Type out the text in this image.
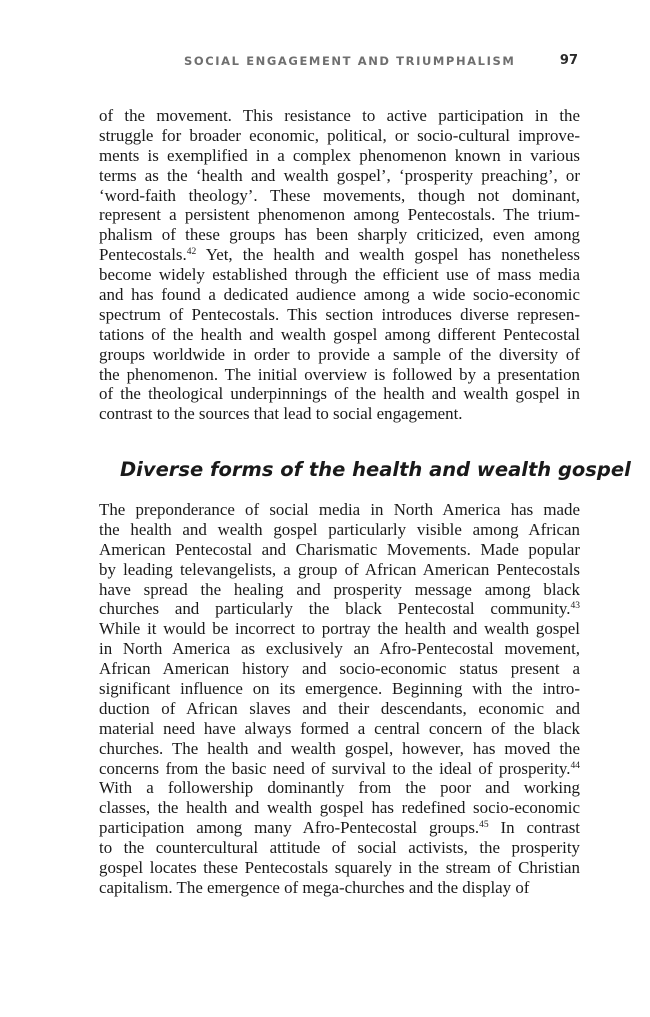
SOCIAL ENGAGEMENT AND TRIUMPHALISM	97
of the movement. This resistance to active participation in the
struggle for broader economic, political, or socio-cultural improve-
ments is exemplified in a complex phenomenon known in various
terms as the ‘health and wealth gospel’, ‘prosperity preaching’, or
‘word-faith theology’. These movements, though not dominant,
represent a persistent phenomenon among Pentecostals. The trium-
phalism of these groups has been sharply criticized, even among
Pentecostals.$^{42}$ Yet, the health and wealth gospel has nonetheless
become widely established through the efficient use of mass media
and has found a dedicated audience among a wide socio-economic
spectrum of Pentecostals. This section introduces diverse represen-
tations of the health and wealth gospel among different Pentecostal
groups worldwide in order to provide a sample of the diversity of
the phenomenon. The initial overview is followed by a presentation
of the theological underpinnings of the health and wealth gospel in
contrast to the sources that lead to social engagement.
Diverse forms of the health and wealth gospel
The preponderance of social media in North America has made
the health and wealth gospel particularly visible among African
American Pentecostal and Charismatic Movements. Made popular
by leading televangelists, a group of African American Pentecostals
have spread the healing and prosperity message among black
churches and particularly the black Pentecostal community.$^{43}$
While it would be incorrect to portray the health and wealth gospel
in North America as exclusively an Afro-Pentecostal movement,
African American history and socio-economic status present a
significant influence on its emergence. Beginning with the intro-
duction of African slaves and their descendants, economic and
material need have always formed a central concern of the black
churches. The health and wealth gospel, however, has moved the
concerns from the basic need of survival to the ideal of prosperity.$^{44}$
With a followership dominantly from the poor and working
classes, the health and wealth gospel has redefined socio-economic
participation among many Afro-Pentecostal groups.$^{45}$ In contrast
to the countercultural attitude of social activists, the prosperity
gospel locates these Pentecostals squarely in the stream of Christian
capitalism. The emergence of mega-churches and the display of
